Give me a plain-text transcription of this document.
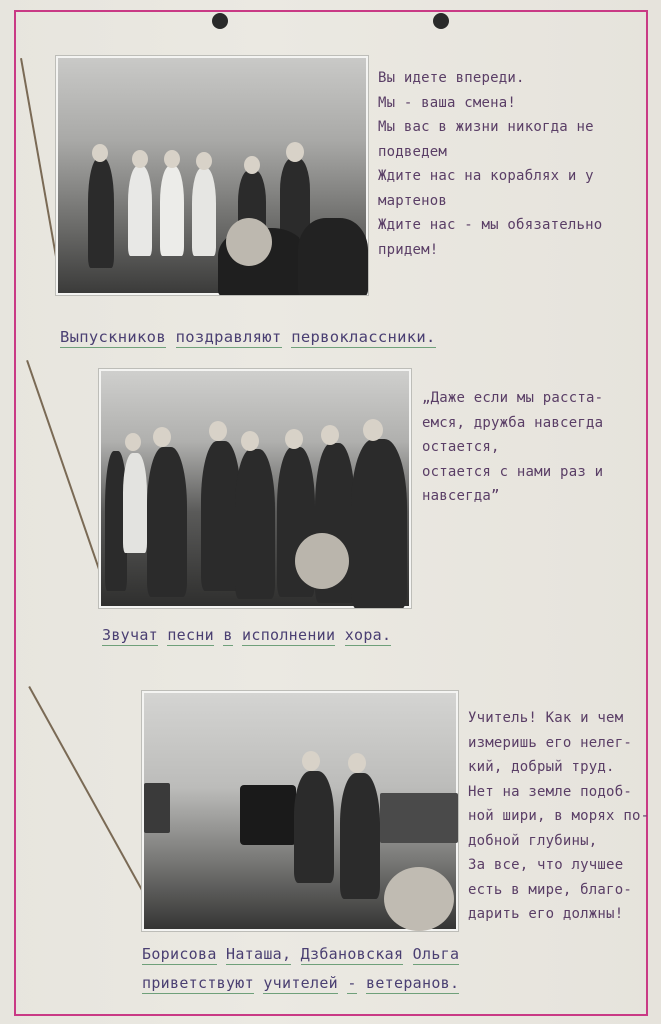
Вы идете впереди.
Мы - ваша смена!
Мы вас в жизни никогда не
подведем
Ждите нас на кораблях и у
мартенов
Ждите нас - мы обязательно
придем!
Выпускников поздравляют первоклассники.
„Даже если мы расста-
емся, дружба навсегда
остается,
остается с нами раз и
навсегда”
Звучат песни в исполнении хора.
Учитель! Как и чем
измеришь его нелег-
кий, добрый труд.
Нет на земле подоб-
ной шири, в морях по-
добной глубины,
За все, что лучшее
есть в мире, благо-
дарить его должны!
Борисова Наташа, Дзбановская Ольга
приветствуют учителей - ветеранов.
